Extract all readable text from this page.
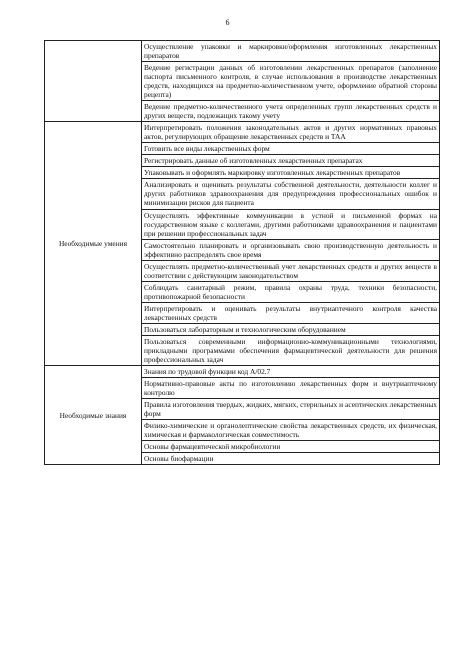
6
	Осуществление упаковки и маркировки/оформления изготовленных лекарственных препаратов
	Ведение регистрации данных об изготовлении лекарственных препаратов (заполнение паспорта письменного контроля, в случае использования в производстве лекарственных средств, находящихся на предметно-количественном учете, оформление обратной стороны рецепта)
	Ведение предметно-количественного учета определенных групп лекарственных средств и других веществ, подлежащих такому учету
Необходимые умения	Интерпретировать положения законодательных актов и других нормативных правовых актов, регулирующих обращение лекарственных средств и ТАА
	Готовить все виды лекарственных форм
	Регистрировать данные об изготовленных лекарственных препаратах
	Упаковывать и оформлять маркировку изготовленных лекарственных препаратов
	Анализировать и оценивать результаты собственной деятельности, деятельности коллег и других работников здравоохранения для предупреждения профессиональных ошибок и минимизации рисков для пациента
	Осуществлять эффективные коммуникации в устной и письменной формах на государственном языке с коллегами, другими работниками здравоохранения и пациентами при решении профессиональных задач
	Самостоятельно планировать и организовывать свою производственную деятельность и эффективно распределять свое время
	Осуществлять предметно-количественный учет лекарственных средств и других веществ в соответствии с действующим законодательством
	Соблюдать санитарный режим, правила охраны труда, техники безопасности, противопожарной безопасности
	Интерпретировать и оценивать результаты внутриаптечного контроля качества лекарственных средств
	Пользоваться лабораторным и технологическим оборудованием
	Пользоваться современными информационно-коммуникационными технологиями, прикладными программами обеспечения фармацевтической деятельности для решения профессиональных задач
Необходимые знания	Знания по трудовой функции код А/02.7
	Нормативно-правовые акты по изготовлению лекарственных форм и внутриаптечному контролю
	Правила изготовления твердых, жидких, мягких, стерильных и асептических лекарственных форм
	Физико-химические и органолептические свойства лекарственных средств, их физическая, химическая и фармакологическая совместимость
	Основы фармацевтической микробиологии
	Основы биофармации
